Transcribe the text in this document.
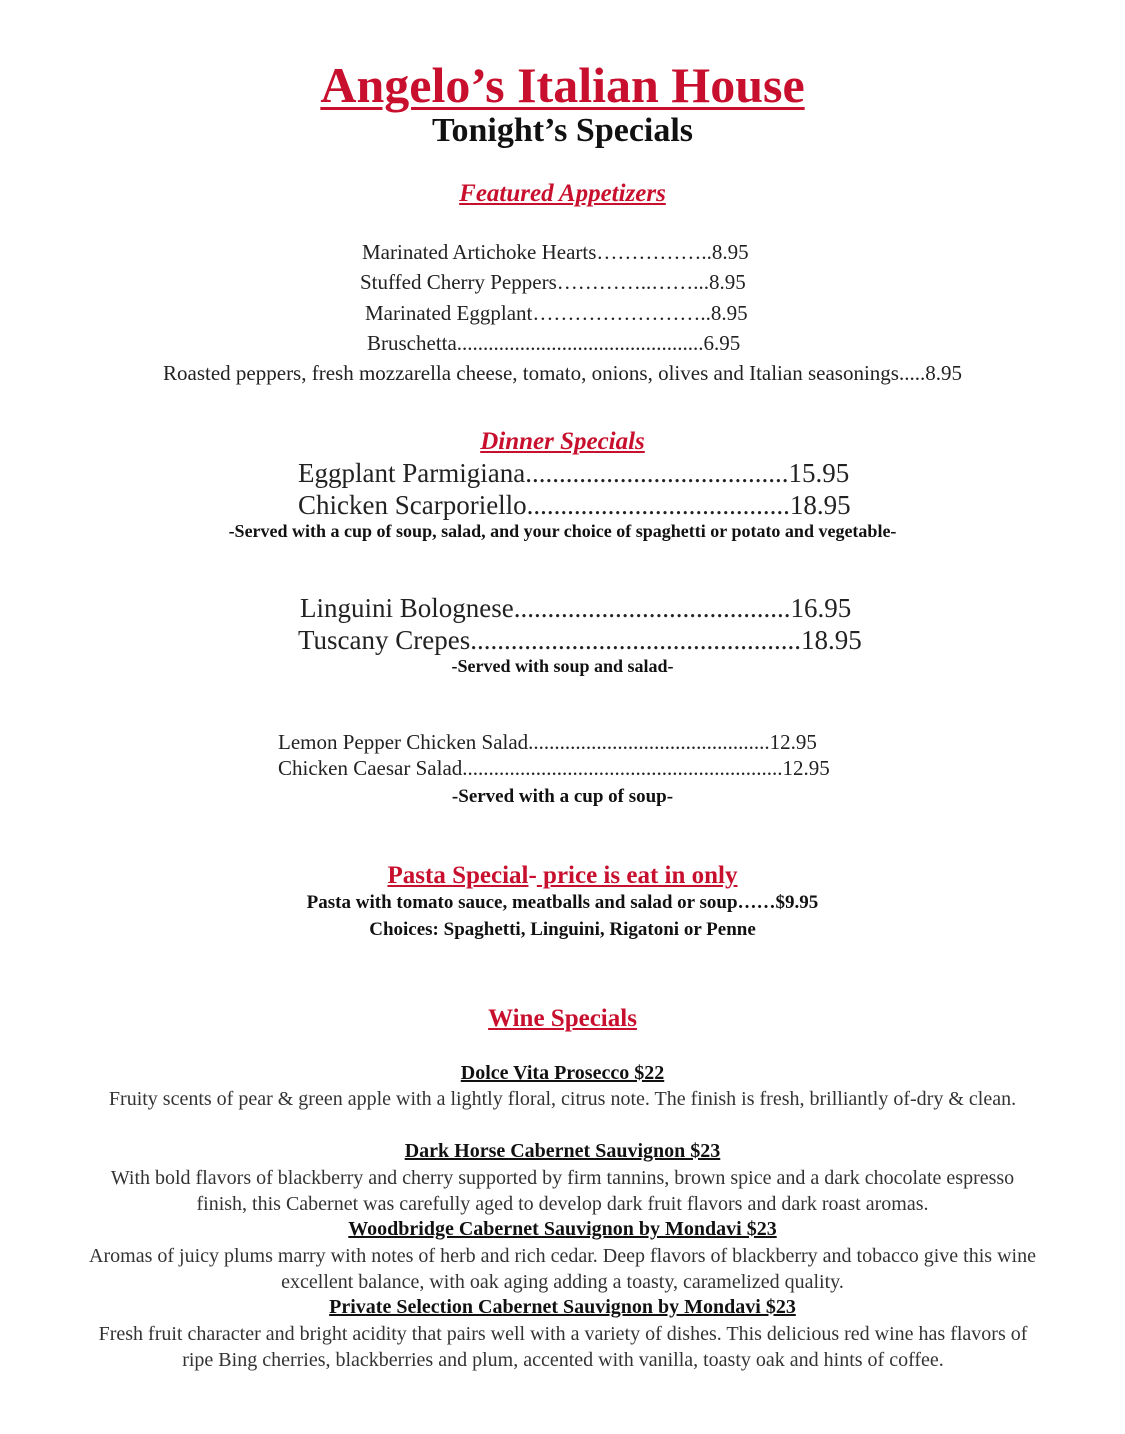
Angelo’s Italian House
Tonight’s Specials
Featured Appetizers
Marinated Artichoke Hearts……………..8.95
Stuffed Cherry Peppers…………..……...8.95
Marinated Eggplant……………………..8.95
Bruschetta...............................................6.95
Roasted peppers, fresh mozzarella cheese, tomato, onions, olives and Italian seasonings.....8.95
Dinner Specials
Eggplant Parmigiana.......................................15.95
Chicken Scarporiello.......................................18.95
-Served with a cup of soup, salad, and your choice of spaghetti or potato and vegetable-
Linguini Bolognese.........................................16.95
Tuscany Crepes.................................................18.95
-Served with soup and salad-
Lemon Pepper Chicken Salad..............................................12.95
Chicken Caesar Salad.............................................................12.95
-Served with a cup of soup-
Pasta Special- price is eat in only
Pasta with tomato sauce, meatballs and salad or soup……$9.95
Choices: Spaghetti, Linguini, Rigatoni or Penne
Wine Specials
Dolce Vita Prosecco $22
Fruity scents of pear & green apple with a lightly floral, citrus note. The finish is fresh, brilliantly of-dry & clean.
Dark Horse Cabernet Sauvignon $23
With bold flavors of blackberry and cherry supported by firm tannins, brown spice and a dark chocolate espresso finish, this Cabernet was carefully aged to develop dark fruit flavors and dark roast aromas.
Woodbridge Cabernet Sauvignon by Mondavi $23
Aromas of juicy plums marry with notes of herb and rich cedar. Deep flavors of blackberry and tobacco give this wine excellent balance, with oak aging adding a toasty, caramelized quality.
Private Selection Cabernet Sauvignon by Mondavi $23
Fresh fruit character and bright acidity that pairs well with a variety of dishes. This delicious red wine has flavors of ripe Bing cherries, blackberries and plum, accented with vanilla, toasty oak and hints of coffee.
